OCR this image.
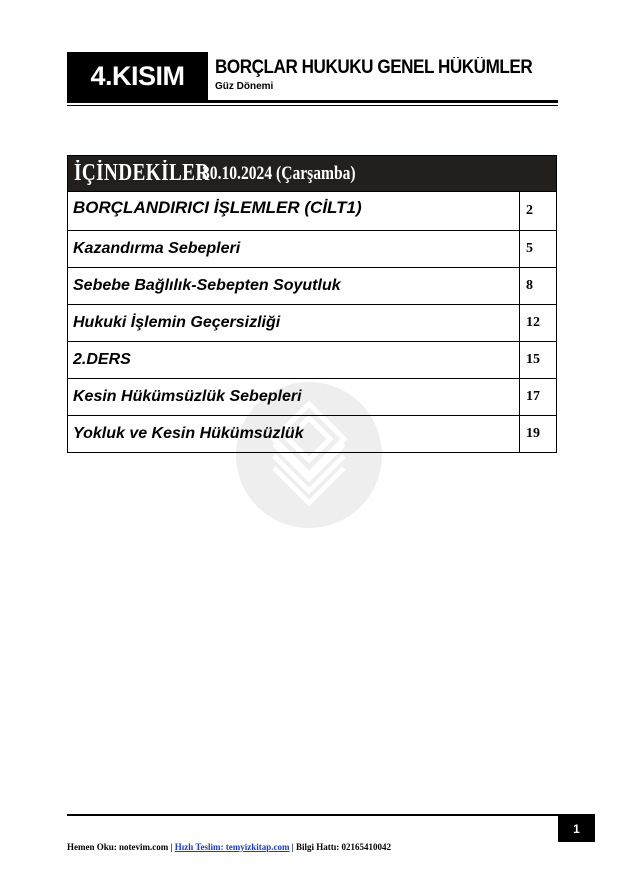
4.KISIM BORÇLAR HUKUKU GENEL HÜKÜMLER
Güz Dönemi
İÇİNDEKİLER
30.10.2024 (Çarşamba)
BORÇLANDIRICI İŞLEMLER (CİLT1)	2
Kazandırma Sebepleri	5
Sebebe Bağlılık-Sebepten Soyutluk	8
Hukuki İşlemin Geçersizliği	12
2.DERS	15
Kesin Hükümsüzlük Sebepleri	17
Yokluk ve Kesin Hükümsüzlük	19
1
Hemen Oku: notevim.com | Hızlı Teslim: temyizkitap.com | Bilgi Hattı: 02165410042
